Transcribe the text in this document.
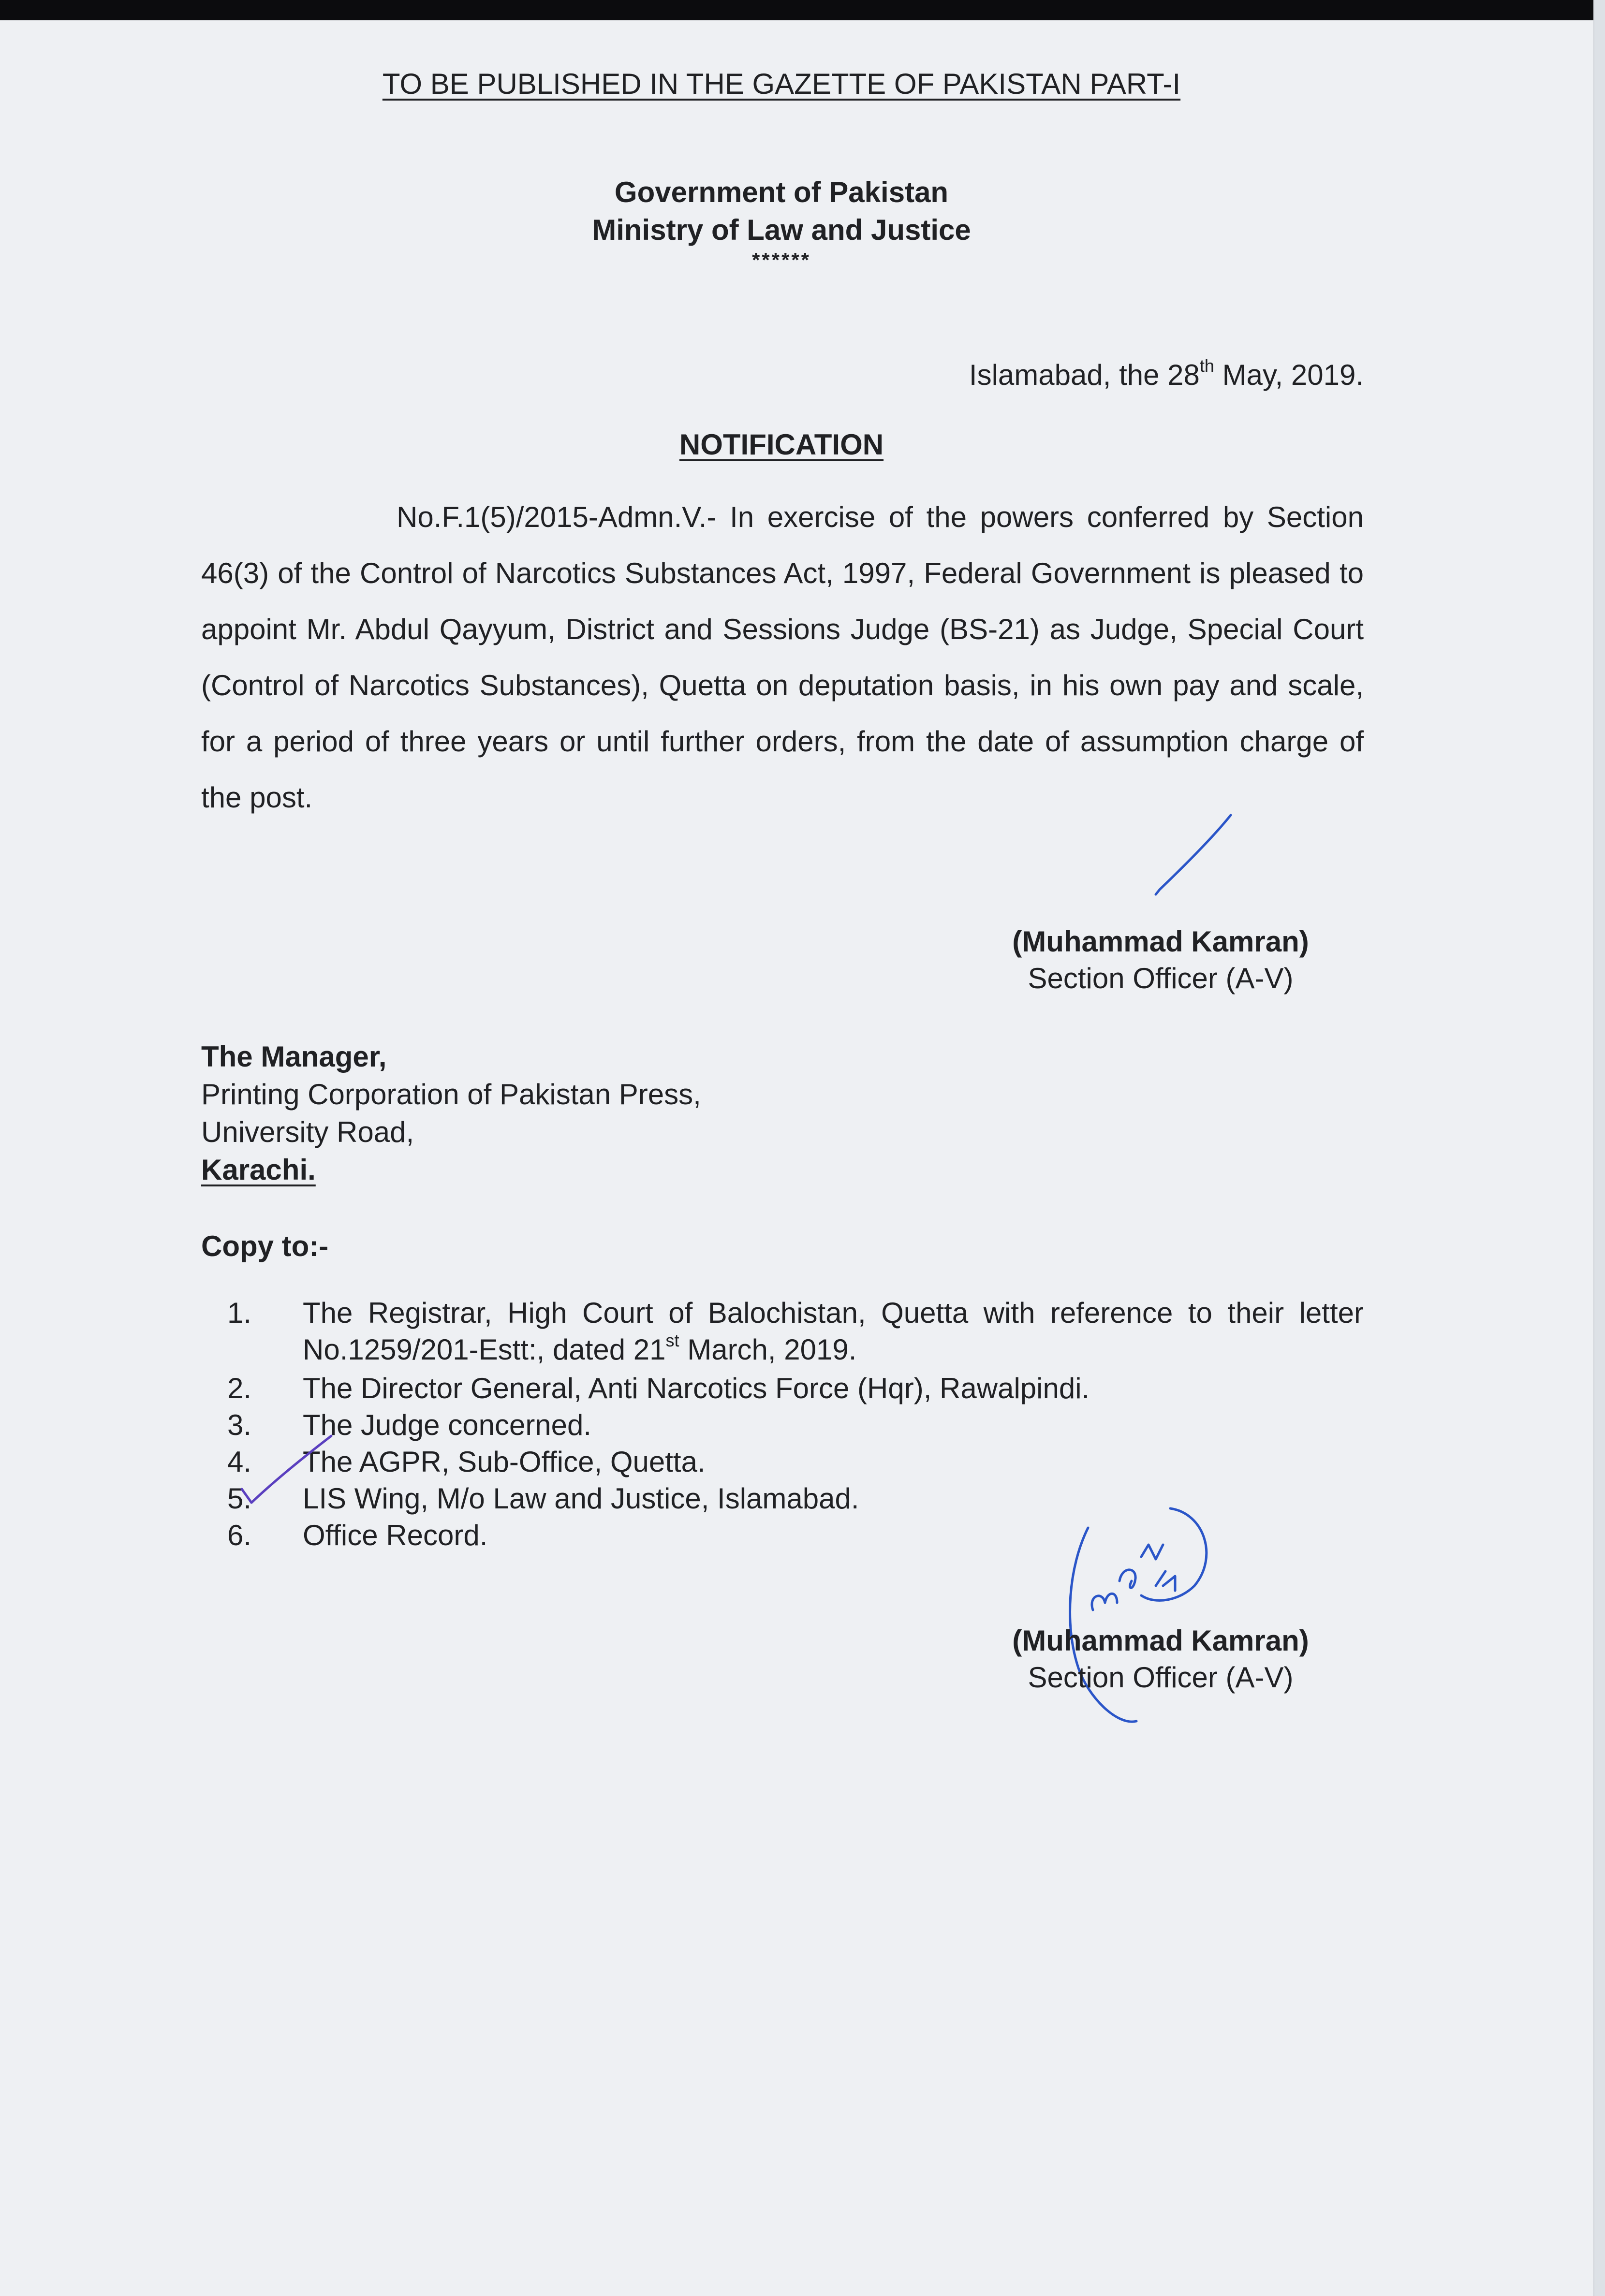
TO BE PUBLISHED IN THE GAZETTE OF PAKISTAN PART-I
Government of Pakistan
Ministry of Law and Justice
******
Islamabad, the 28th May, 2019.
NOTIFICATION
No.F.1(5)/2015-Admn.V.- In exercise of the powers conferred by Section 46(3) of the Control of Narcotics Substances Act, 1997, Federal Government is pleased to appoint Mr. Abdul Qayyum, District and Sessions Judge (BS-21) as Judge, Special Court (Control of Narcotics Substances), Quetta on deputation basis, in his own pay and scale, for a period of three years or until further orders, from the date of assumption charge of the post.
(Muhammad Kamran)
Section Officer (A-V)
The Manager,
Printing Corporation of Pakistan Press,
University Road,
Karachi.
Copy to:-
1.	The Registrar, High Court of Balochistan, Quetta with reference to their letter No.1259/201-Estt:, dated 21st March, 2019.
2.	The Director General, Anti Narcotics Force (Hqr), Rawalpindi.
3.	The Judge concerned.
4.	The AGPR, Sub-Office, Quetta.
5.	LIS Wing, M/o Law and Justice, Islamabad.
6.	Office Record.
(Muhammad Kamran)
Section Officer (A-V)
